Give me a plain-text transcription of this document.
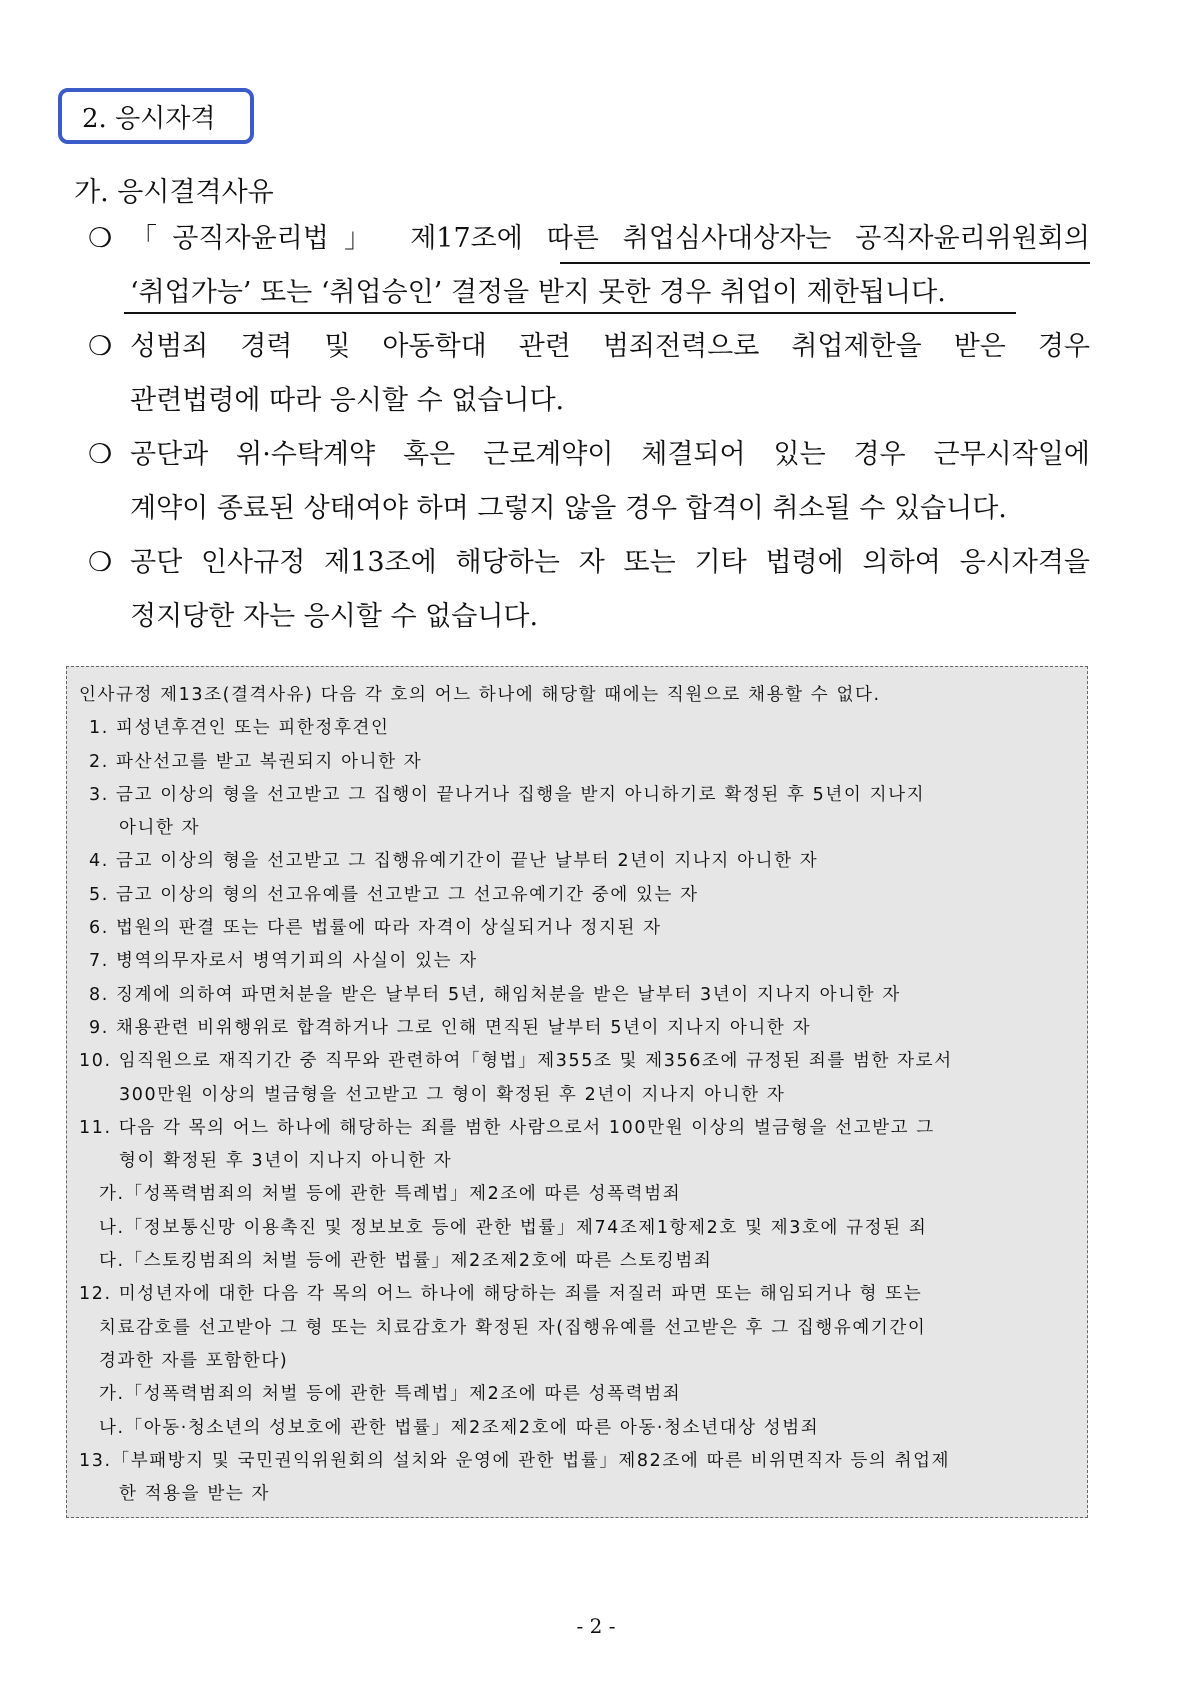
2. 응시자격
가. 응시결격사유
❍ 「공직자윤리법」 제17조에 따른 취업심사대상자는 공직자윤리위원회의
‘취업가능’ 또는 ‘취업승인’ 결정을 받지 못한 경우 취업이 제한됩니다.
❍ 성범죄 경력 및 아동학대 관련 범죄전력으로 취업제한을 받은 경우
관련법령에 따라 응시할 수 없습니다.
❍ 공단과 위·수탁계약 혹은 근로계약이 체결되어 있는 경우 근무시작일에
계약이 종료된 상태여야 하며 그렇지 않을 경우 합격이 취소될 수 있습니다.
❍ 공단 인사규정 제13조에 해당하는 자 또는 기타 법령에 의하여 응시자격을
정지당한 자는 응시할 수 없습니다.
인사규정 제13조(결격사유) 다음 각 호의 어느 하나에 해당할 때에는 직원으로 채용할 수 없다.
1. 피성년후견인 또는 피한정후견인
2. 파산선고를 받고 복권되지 아니한 자
3. 금고 이상의 형을 선고받고 그 집행이 끝나거나 집행을 받지 아니하기로 확정된 후 5년이 지나지
아니한 자
4. 금고 이상의 형을 선고받고 그 집행유예기간이 끝난 날부터 2년이 지나지 아니한 자
5. 금고 이상의 형의 선고유예를 선고받고 그 선고유예기간 중에 있는 자
6. 법원의 판결 또는 다른 법률에 따라 자격이 상실되거나 정지된 자
7. 병역의무자로서 병역기피의 사실이 있는 자
8. 징계에 의하여 파면처분을 받은 날부터 5년, 해임처분을 받은 날부터 3년이 지나지 아니한 자
9. 채용관련 비위행위로 합격하거나 그로 인해 면직된 날부터 5년이 지나지 아니한 자
10. 임직원으로 재직기간 중 직무와 관련하여「형법」제355조 및 제356조에 규정된 죄를 범한 자로서
300만원 이상의 벌금형을 선고받고 그 형이 확정된 후 2년이 지나지 아니한 자
11. 다음 각 목의 어느 하나에 해당하는 죄를 범한 사람으로서 100만원 이상의 벌금형을 선고받고 그
형이 확정된 후 3년이 지나지 아니한 자
가.「성폭력범죄의 처벌 등에 관한 특례법」제2조에 따른 성폭력범죄
나.「정보통신망 이용촉진 및 정보보호 등에 관한 법률」제74조제1항제2호 및 제3호에 규정된 죄
다.「스토킹범죄의 처벌 등에 관한 법률」제2조제2호에 따른 스토킹범죄
12. 미성년자에 대한 다음 각 목의 어느 하나에 해당하는 죄를 저질러 파면 또는 해임되거나 형 또는
치료감호를 선고받아 그 형 또는 치료감호가 확정된 자(집행유예를 선고받은 후 그 집행유예기간이
경과한 자를 포함한다)
가.「성폭력범죄의 처벌 등에 관한 특례법」제2조에 따른 성폭력범죄
나.「아동·청소년의 성보호에 관한 법률」제2조제2호에 따른 아동·청소년대상 성범죄
13.「부패방지 및 국민권익위원회의 설치와 운영에 관한 법률」제82조에 따른 비위면직자 등의 취업제
한 적용을 받는 자
- 2 -
